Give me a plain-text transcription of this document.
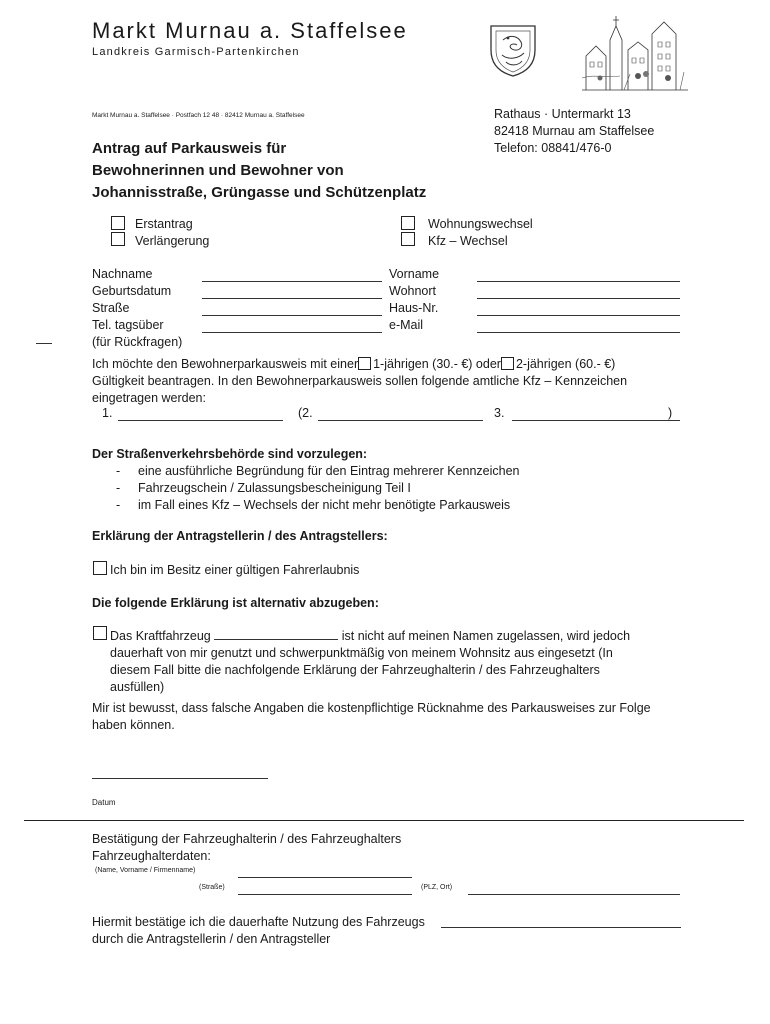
Markt Murnau a. Staffelsee
Landkreis Garmisch-Partenkirchen
Markt Murnau a. Staffelsee · Postfach 12 48 · 82412 Murnau a. Staffelsee	Rathaus · Untermarkt 13
82418 Murnau am Staffelsee
Telefon: 08841/476-0
Antrag auf Parkausweis für
Bewohnerinnen und Bewohner von
Johannisstraße, Grüngasse und Schützenplatz
Erstantrag
Verlängerung
Wohnungswechsel
Kfz – Wechsel
Nachname	Vorname
Geburtsdatum	Wohnort
Straße	Haus-Nr.
Tel. tagsüber	e-Mail
(für Rückfragen)
Ich möchte den Bewohnerparkausweis mit einer 1-jährigen (30.- €) oder 2-jährigen (60.- €)
Gültigkeit beantragen. In den Bewohnerparkausweis sollen folgende amtliche Kfz – Kennzeichen
eingetragen werden:
1.	(2.	3.	)
Der Straßenverkehrsbehörde sind vorzulegen:
- eine ausführliche Begründung für den Eintrag mehrerer Kennzeichen
- Fahrzeugschein / Zulassungsbescheinigung Teil I
- im Fall eines Kfz – Wechsels der nicht mehr benötigte Parkausweis
Erklärung der Antragstellerin / des Antragstellers:
Ich bin im Besitz einer gültigen Fahrerlaubnis
Die folgende Erklärung ist alternativ abzugeben:
Das Kraftfahrzeug	ist nicht auf meinen Namen zugelassen, wird jedoch
dauerhaft von mir genutzt und schwerpunktmäßig von meinem Wohnsitz aus eingesetzt (In
diesem Fall bitte die nachfolgende Erklärung der Fahrzeughalterin / des Fahrzeughalters
ausfüllen)
Mir ist bewusst, dass falsche Angaben die kostenpflichtige Rücknahme des Parkausweises zur Folge
haben können.
Datum
Bestätigung der Fahrzeughalterin / des Fahrzeughalters
Fahrzeughalterdaten:
(Name, Vorname / Firmenname)
(Straße)	(PLZ, Ort)
Hiermit bestätige ich die dauerhafte Nutzung des Fahrzeugs
durch die Antragstellerin / den Antragsteller
